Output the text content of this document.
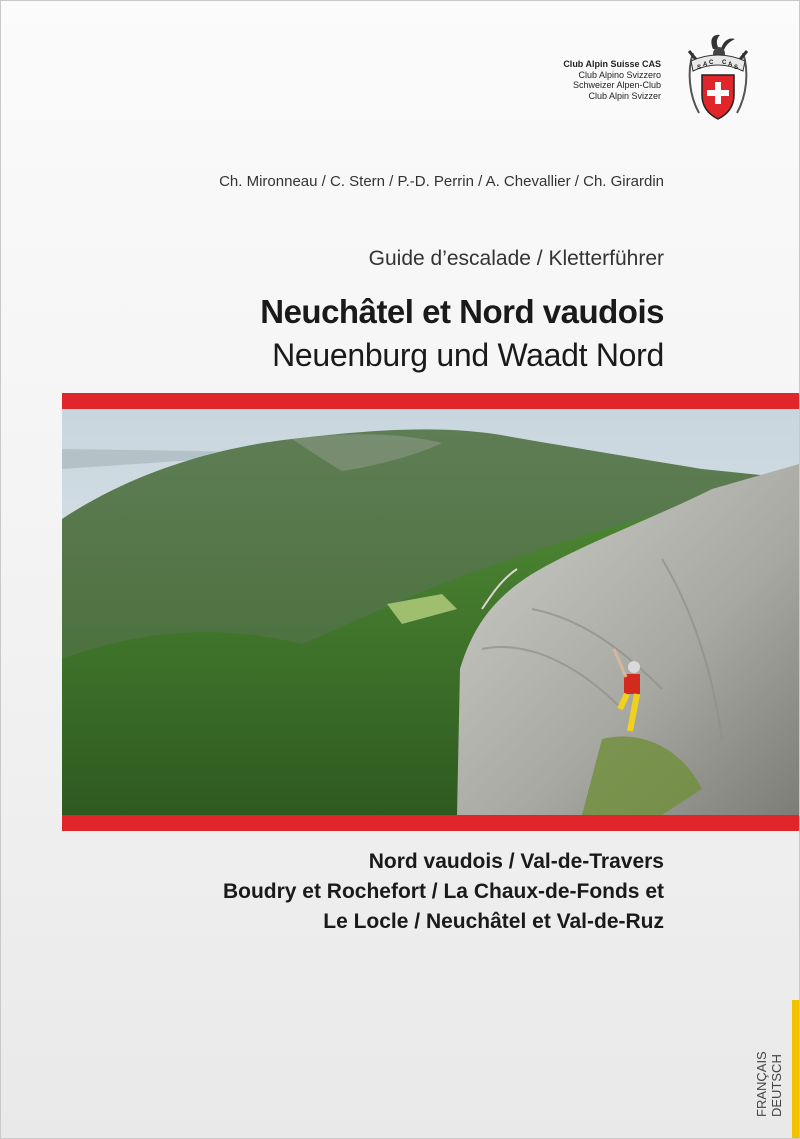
Club Alpin Suisse CAS
Club Alpino Svizzero
Schweizer Alpen-Club
Club Alpin Svizzer
S A C C A S
Ch. Mironneau / C. Stern / P.-D. Perrin / A. Chevallier / Ch. Girardin
Guide d’escalade / Kletterführer
Neuchâtel et Nord vaudois
Neuenburg und Waadt Nord
Nord vaudois / Val-de-Travers
Boudry et Rochefort / La Chaux-de-Fonds et
Le Locle / Neuchâtel et Val-de-Ruz
FRANÇAIS DEUTSCH
